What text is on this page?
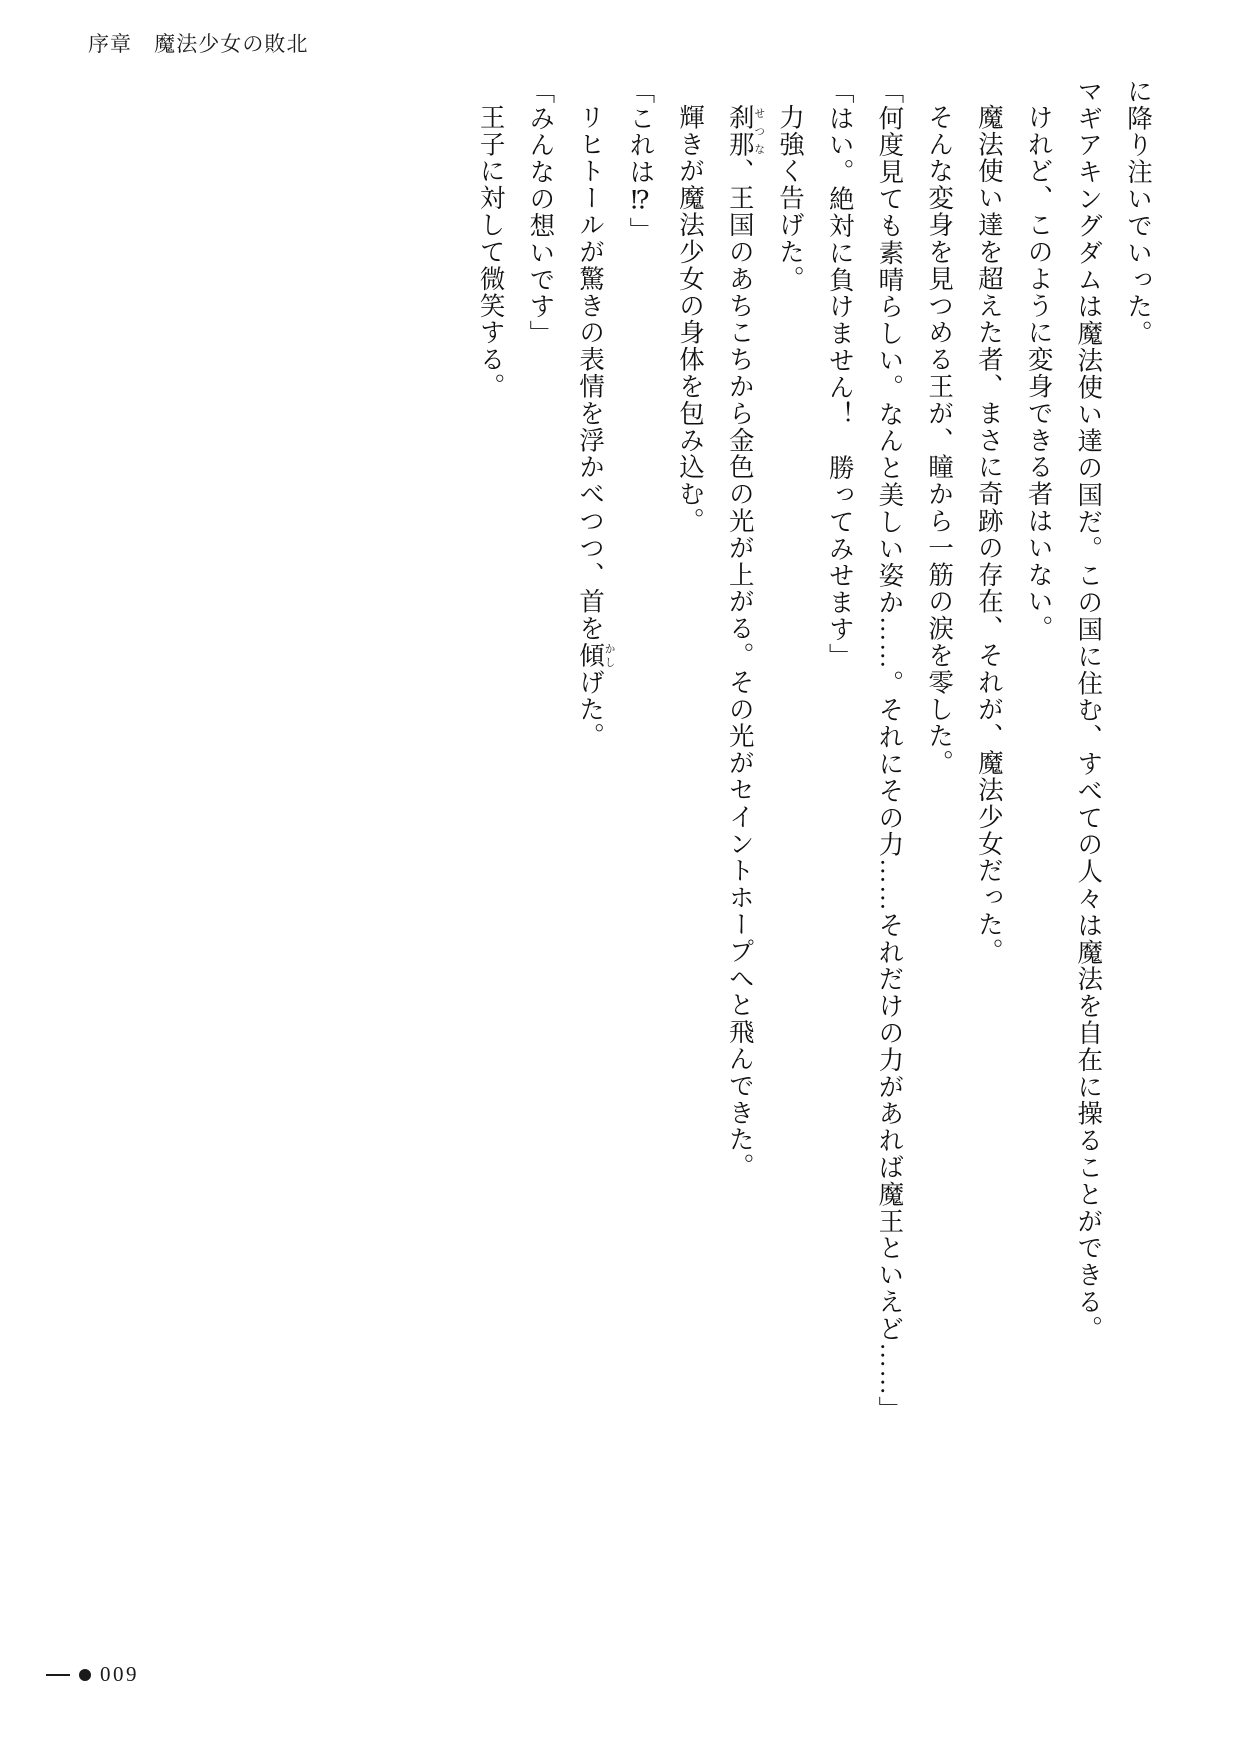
序章　魔法少女の敗北

に降り注いでいった。

マギアキングダムは魔法使い達の国だ。この国に住む、すべての人々は魔法を自在に操ることができる。

けれど、このように変身できる者はいない。

魔法使い達を超えた者、まさに奇跡の存在、それが、魔法少女だった。

そんな変身を見つめる王が、瞳から一筋の涙を零した。

「何度見ても素晴らしい。なんと美しい姿か……。それにその力……それだけの力があれば魔王といえど……」

「はい。絶対に負けません！　勝ってみせます」

力強く告げた。

刹那せつな、王国のあちこちから金色の光が上がる。その光がセイントホープへと飛んできた。

輝きが魔法少女の身体を包み込む。

「これは⁉」

リヒトールが驚きの表情を浮かべつつ、首を傾かしげた。

「みんなの想いです」

王子に対して微笑する。

009
